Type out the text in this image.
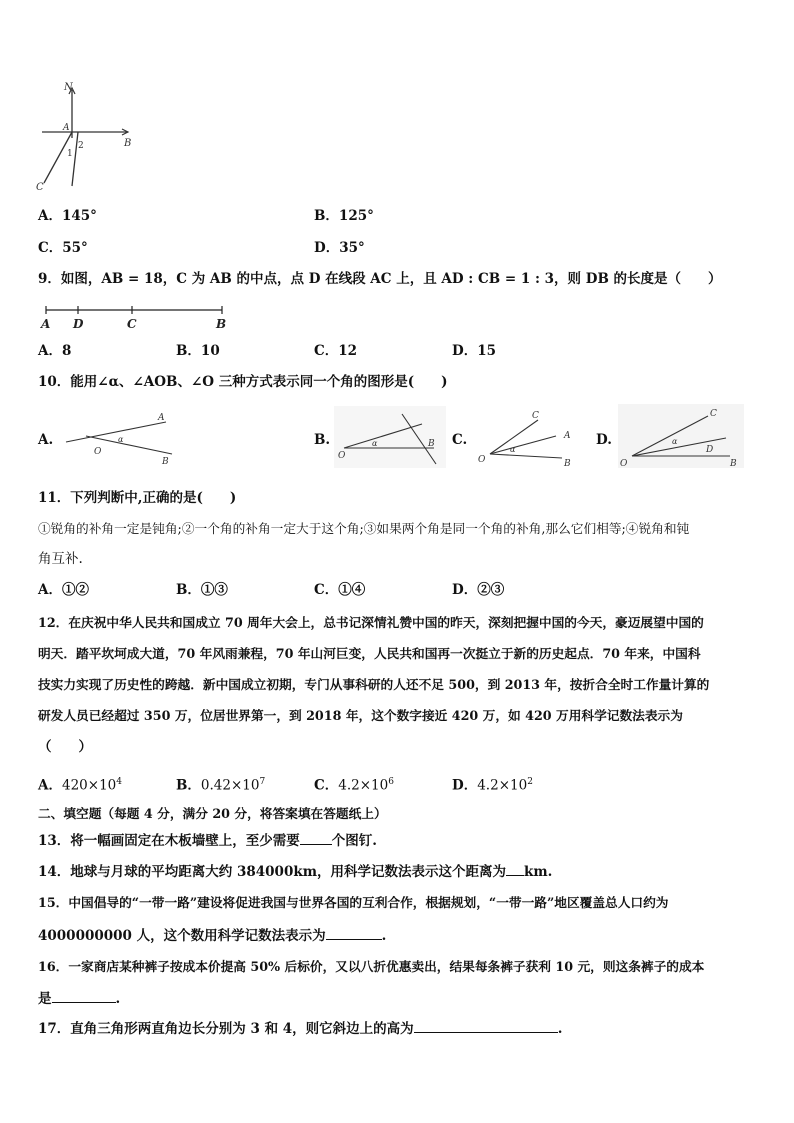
N
A
B
C
1
2
A．145°	B．125°
C．55°	D．35°
9．如图，AB = 18，C 为 AB 的中点，点 D 在线段 AC 上，且 AD : CB = 1 : 3，则 DB 的长度是（　　）
A D	C	B
A．8	B．10	C．12	D．15
10．能用∠α、∠AOB、∠O 三种方式表示同一个角的图形是(　　)
A.
A
α
O
B
B.	α
O
B C.
C
A
α
O	B
D.
C
α
O
D
B
11．下列判断中,正确的是(　　)
①锐角的补角一定是钝角;②一个角的补角一定大于这个角;③如果两个角是同一个角的补角,那么它们相等;④锐角和钝
角互补.
A．①②	B．①③	C．①④	D．②③
12．在庆祝中华人民共和国成立 70 周年大会上，总书记深情礼赞中国的昨天，深刻把握中国的今天，豪迈展望中国的
明天．踏平坎坷成大道，70 年风雨兼程，70 年山河巨变，人民共和国再一次挺立于新的历史起点．70 年来，中国科
技实力实现了历史性的跨越．新中国成立初期，专门从事科研的人还不足 500，到 2013 年，按折合全时工作量计算的
研发人员已经超过 350 万，位居世界第一，到 2018 年，这个数字接近 420 万，如 420 万用科学记数法表示为
（　　）
A．$420\times 10^4$	B．$0.42\times 10^7$	C．$4.2\times 10^6$	D．$4.2\times 10^2$
二、填空题（每题 4 分，满分 20 分，将答案填在答题纸上）
13．将一幅画固定在木板墙壁上，至少需要 个图钉.
14．地球与月球的平均距离大约 384000km，用科学记数法表示这个距离为 km.
15．中国倡导的“一带一路”建设将促进我国与世界各国的互利合作，根据规划，“一带一路”地区覆盖总人口约为
4000000000 人，这个数用科学记数法表示为	.
16．一家商店某种裤子按成本价提高 50% 后标价，又以八折优惠卖出，结果每条裤子获利 10 元，则这条裤子的成本
是	.
17．直角三角形两直角边长分别为 3 和 4，则它斜边上的高为	.
